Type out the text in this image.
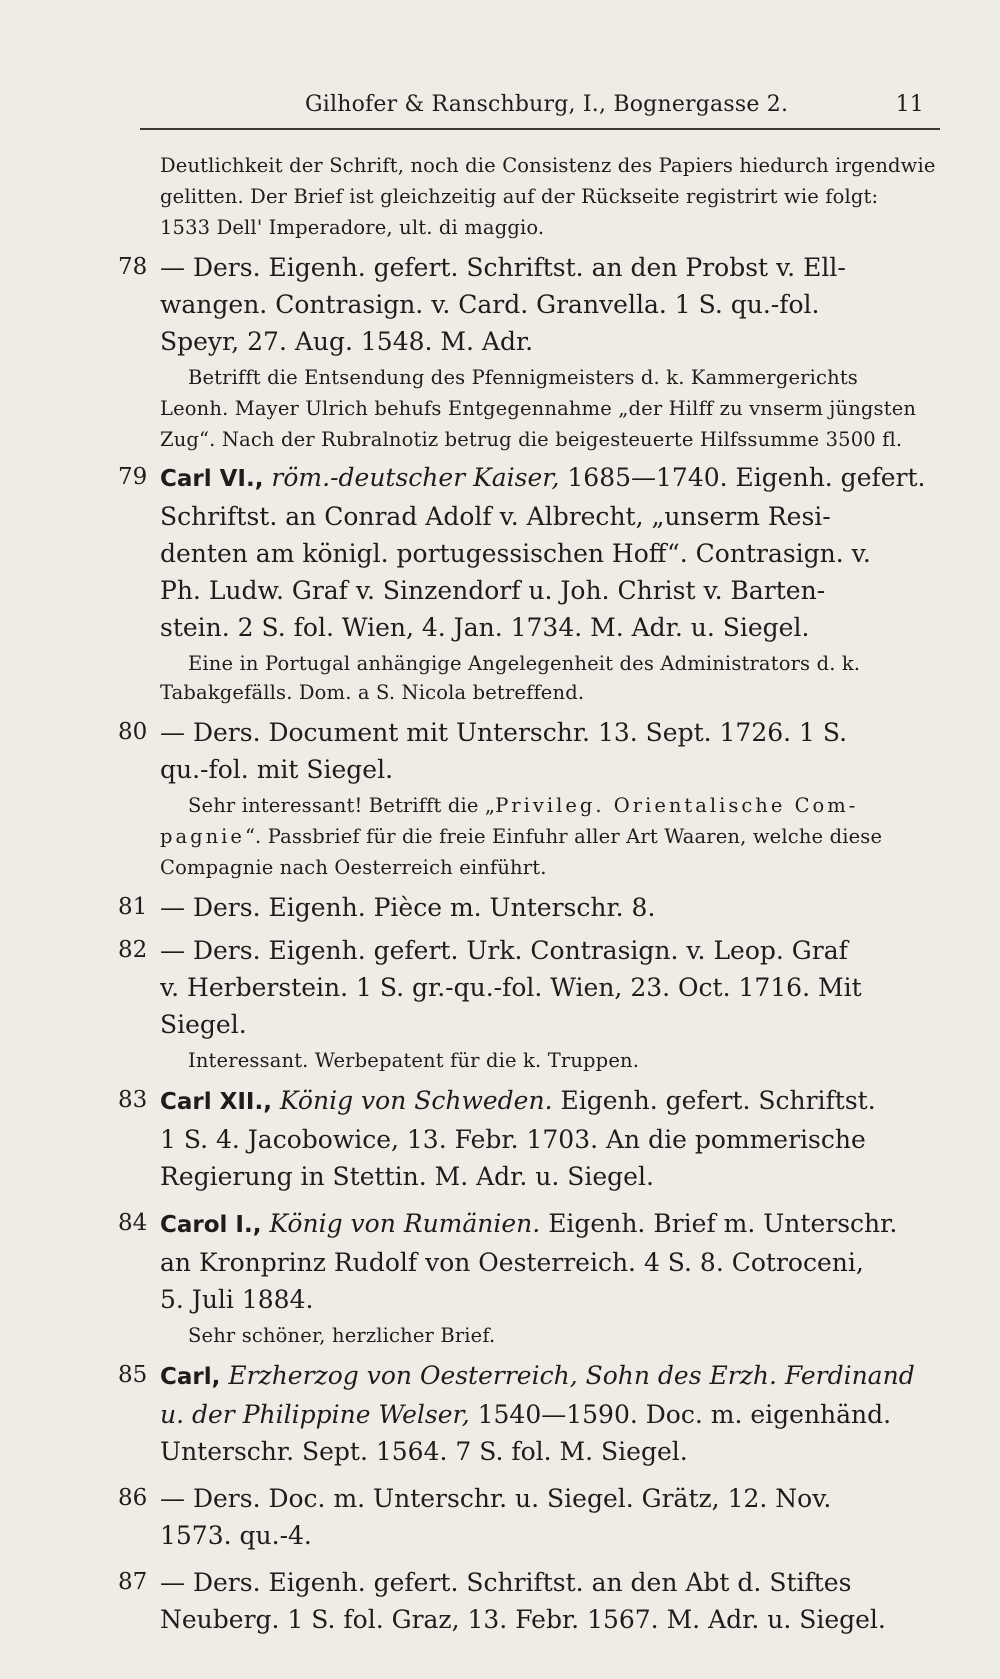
Gilhofer & Ranschburg, I., Bognergasse 2.	11
Deutlichkeit der Schrift, noch die Consistenz des Papiers hiedurch irgendwie
gelitten. Der Brief ist gleichzeitig auf der Rückseite registrirt wie folgt:
1533 Dell' Imperadore, ult. di maggio.
78 — Ders. Eigenh. gefert. Schriftst. an den Probst v. Ell-
wangen. Contrasign. v. Card. Granvella. 1 S. qu.-fol.
Speyr, 27. Aug. 1548. M. Adr.
Betrifft die Entsendung des Pfennigmeisters d. k. Kammergerichts
Leonh. Mayer Ulrich behufs Entgegennahme „der Hilff zu vnserm jüngsten
Zug“. Nach der Rubralnotiz betrug die beigesteuerte Hilfssumme 3500 fl.
79 Carl VI., röm.-deutscher Kaiser, 1685—1740. Eigenh. gefert.
Schriftst. an Conrad Adolf v. Albrecht, „unserm Resi-
denten am königl. portugessischen Hoff“. Contrasign. v.
Ph. Ludw. Graf v. Sinzendorf u. Joh. Christ v. Barten-
stein. 2 S. fol. Wien, 4. Jan. 1734. M. Adr. u. Siegel.
Eine in Portugal anhängige Angelegenheit des Administrators d. k.
Tabakgefälls. Dom. a S. Nicola betreffend.
80 — Ders. Document mit Unterschr. 13. Sept. 1726. 1 S.
qu.-fol. mit Siegel.
Sehr interessant! Betrifft die „Privileg. Orientalische Com-
pagnie“. Passbrief für die freie Einfuhr aller Art Waaren, welche diese
Compagnie nach Oesterreich einführt.
81 — Ders. Eigenh. Pièce m. Unterschr. 8.
82 — Ders. Eigenh. gefert. Urk. Contrasign. v. Leop. Graf
v. Herberstein. 1 S. gr.-qu.-fol. Wien, 23. Oct. 1716. Mit
Siegel.
Interessant. Werbepatent für die k. Truppen.
83 Carl XII., König von Schweden. Eigenh. gefert. Schriftst.
1 S. 4. Jacobowice, 13. Febr. 1703. An die pommerische
Regierung in Stettin. M. Adr. u. Siegel.
84 Carol I., König von Rumänien. Eigenh. Brief m. Unterschr.
an Kronprinz Rudolf von Oesterreich. 4 S. 8. Cotroceni,
5. Juli 1884.
Sehr schöner, herzlicher Brief.
85 Carl, Erzherzog von Oesterreich, Sohn des Erzh. Ferdinand
u. der Philippine Welser, 1540—1590. Doc. m. eigenhänd.
Unterschr. Sept. 1564. 7 S. fol. M. Siegel.
86 — Ders. Doc. m. Unterschr. u. Siegel. Grätz, 12. Nov.
1573. qu.-4.
87 — Ders. Eigenh. gefert. Schriftst. an den Abt d. Stiftes
Neuberg. 1 S. fol. Graz, 13. Febr. 1567. M. Adr. u. Siegel.
